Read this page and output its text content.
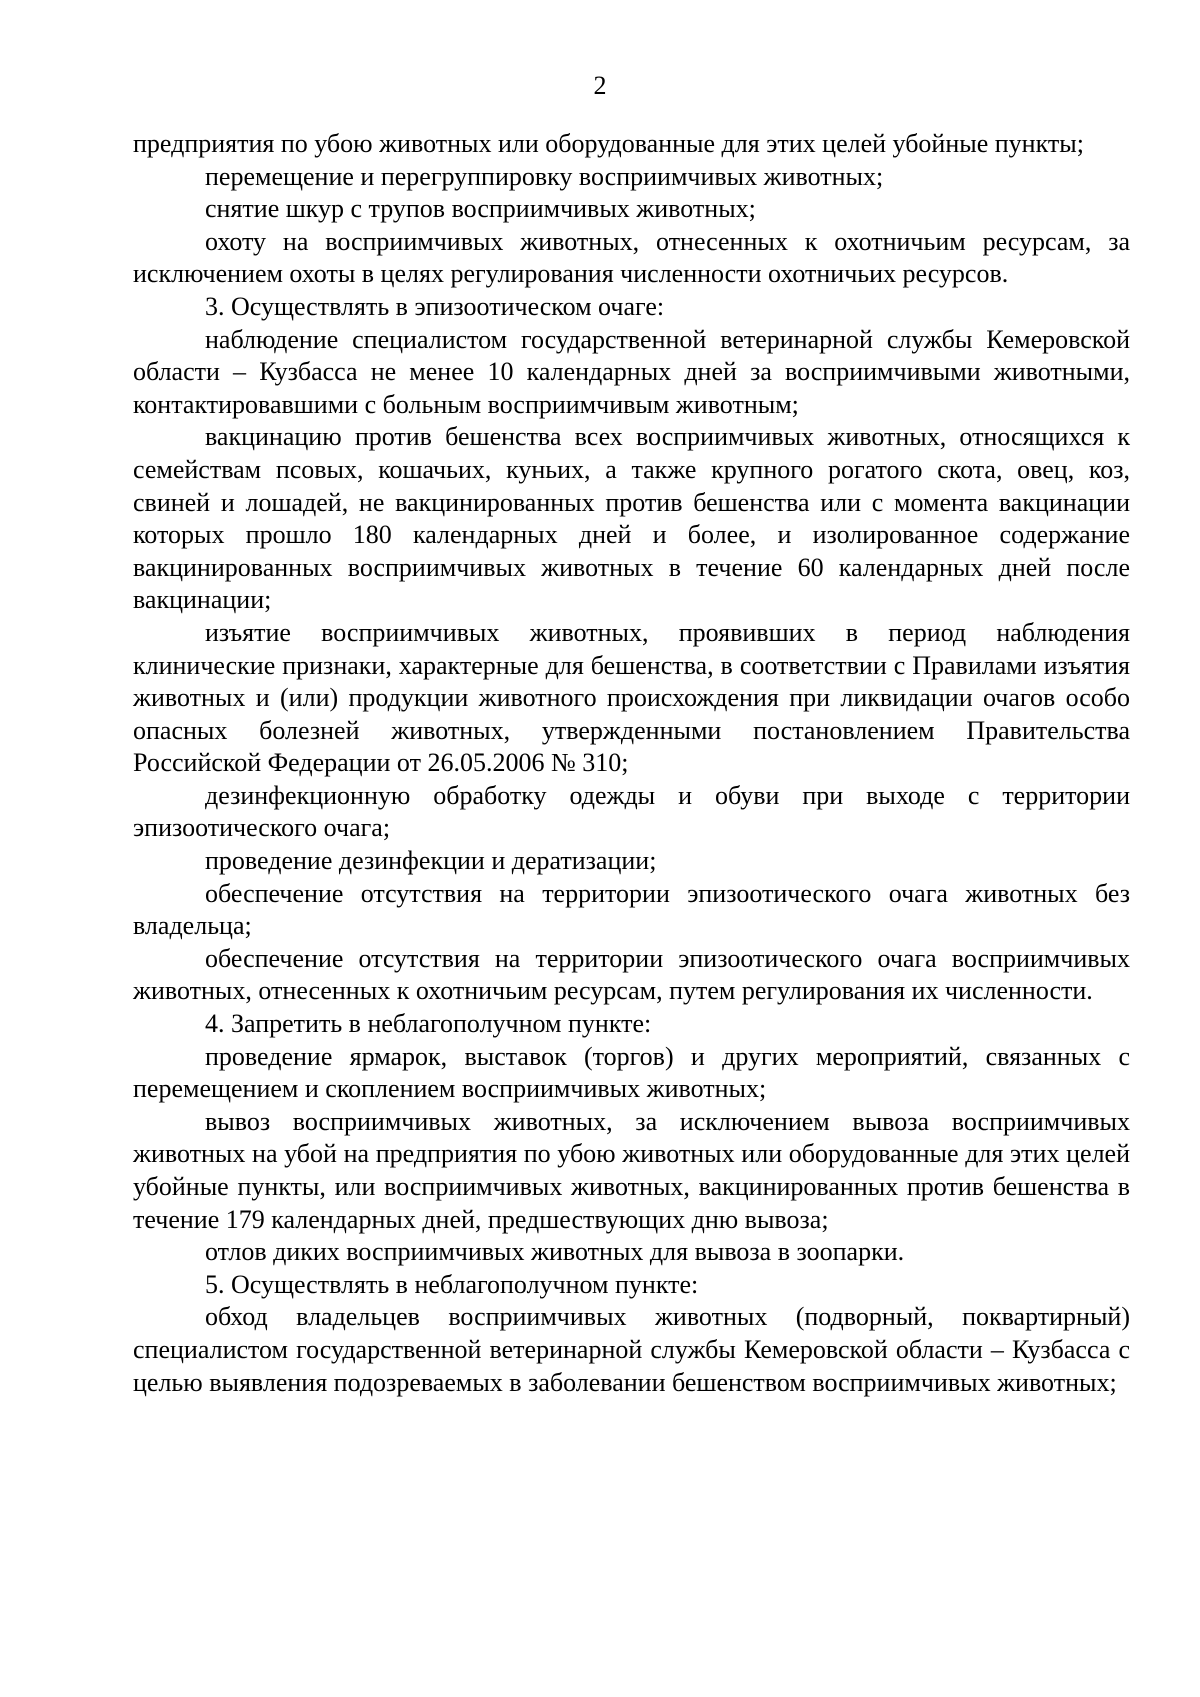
2

предприятия по убою животных или оборудованные для этих целей убойные пункты;

перемещение и перегруппировку восприимчивых животных;

снятие шкур с трупов восприимчивых животных;

охоту на восприимчивых животных, отнесенных к охотничьим ресурсам, за исключением охоты в целях регулирования численности охотничьих ресурсов.

3. Осуществлять в эпизоотическом очаге:

наблюдение специалистом государственной ветеринарной службы Кемеровской области – Кузбасса не менее 10 календарных дней за восприимчивыми животными, контактировавшими с больным восприимчивым животным;

вакцинацию против бешенства всех восприимчивых животных, относящихся к семействам псовых, кошачьих, куньих, а также крупного рогатого скота, овец, коз, свиней и лошадей, не вакцинированных против бешенства или с момента вакцинации которых прошло 180 календарных дней и более, и изолированное содержание вакцинированных восприимчивых животных в течение 60 календарных дней после вакцинации;

изъятие восприимчивых животных, проявивших в период наблюдения клинические признаки, характерные для бешенства, в соответствии с Правилами изъятия животных и (или) продукции животного происхождения при ликвидации очагов особо опасных болезней животных, утвержденными постановлением Правительства Российской Федерации от 26.05.2006 № 310;

дезинфекционную обработку одежды и обуви при выходе с территории эпизоотического очага;

проведение дезинфекции и дератизации;

обеспечение отсутствия на территории эпизоотического очага животных без владельца;

обеспечение отсутствия на территории эпизоотического очага восприимчивых животных, отнесенных к охотничьим ресурсам, путем регулирования их численности.

4. Запретить в неблагополучном пункте:

проведение ярмарок, выставок (торгов) и других мероприятий, связанных с перемещением и скоплением восприимчивых животных;

вывоз восприимчивых животных, за исключением вывоза восприимчивых животных на убой на предприятия по убою животных или оборудованные для этих целей убойные пункты, или восприимчивых животных, вакцинированных против бешенства в течение 179 календарных дней, предшествующих дню вывоза;

отлов диких восприимчивых животных для вывоза в зоопарки.

5. Осуществлять в неблагополучном пункте:

обход владельцев восприимчивых животных (подворный, поквартирный) специалистом государственной ветеринарной службы Кемеровской области – Кузбасса с целью выявления подозреваемых в заболевании бешенством восприимчивых животных;
